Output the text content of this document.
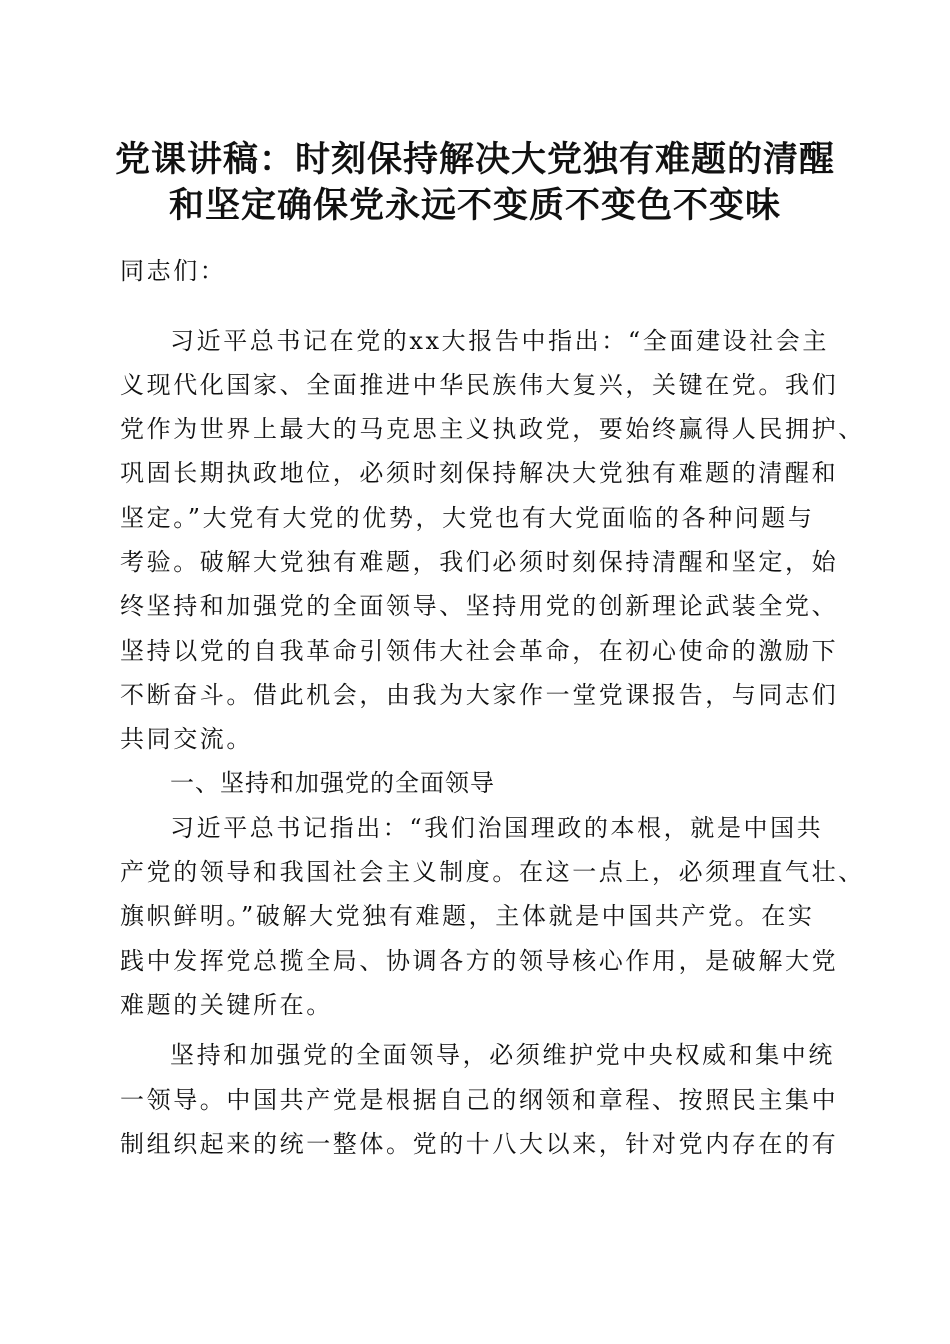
党课讲稿：时刻保持解决大党独有难题的清醒
和坚定确保党永远不变质不变色不变味

同志们：

习近平总书记在党的xx大报告中指出：“全面建设社会主

义现代化国家、全面推进中华民族伟大复兴，关键在党。我们

党作为世界上最大的马克思主义执政党，要始终赢得人民拥护、

巩固长期执政地位，必须时刻保持解决大党独有难题的清醒和

坚定。”大党有大党的优势，大党也有大党面临的各种问题与

考验。破解大党独有难题，我们必须时刻保持清醒和坚定，始

终坚持和加强党的全面领导、坚持用党的创新理论武装全党、

坚持以党的自我革命引领伟大社会革命，在初心使命的激励下

不断奋斗。借此机会，由我为大家作一堂党课报告，与同志们

共同交流。

一、坚持和加强党的全面领导

习近平总书记指出：“我们治国理政的本根，就是中国共

产党的领导和我国社会主义制度。在这一点上，必须理直气壮、

旗帜鲜明。”破解大党独有难题，主体就是中国共产党。在实

践中发挥党总揽全局、协调各方的领导核心作用，是破解大党

难题的关键所在。

坚持和加强党的全面领导，必须维护党中央权威和集中统

一领导。中国共产党是根据自己的纲领和章程、按照民主集中

制组织起来的统一整体。党的十八大以来，针对党内存在的有
